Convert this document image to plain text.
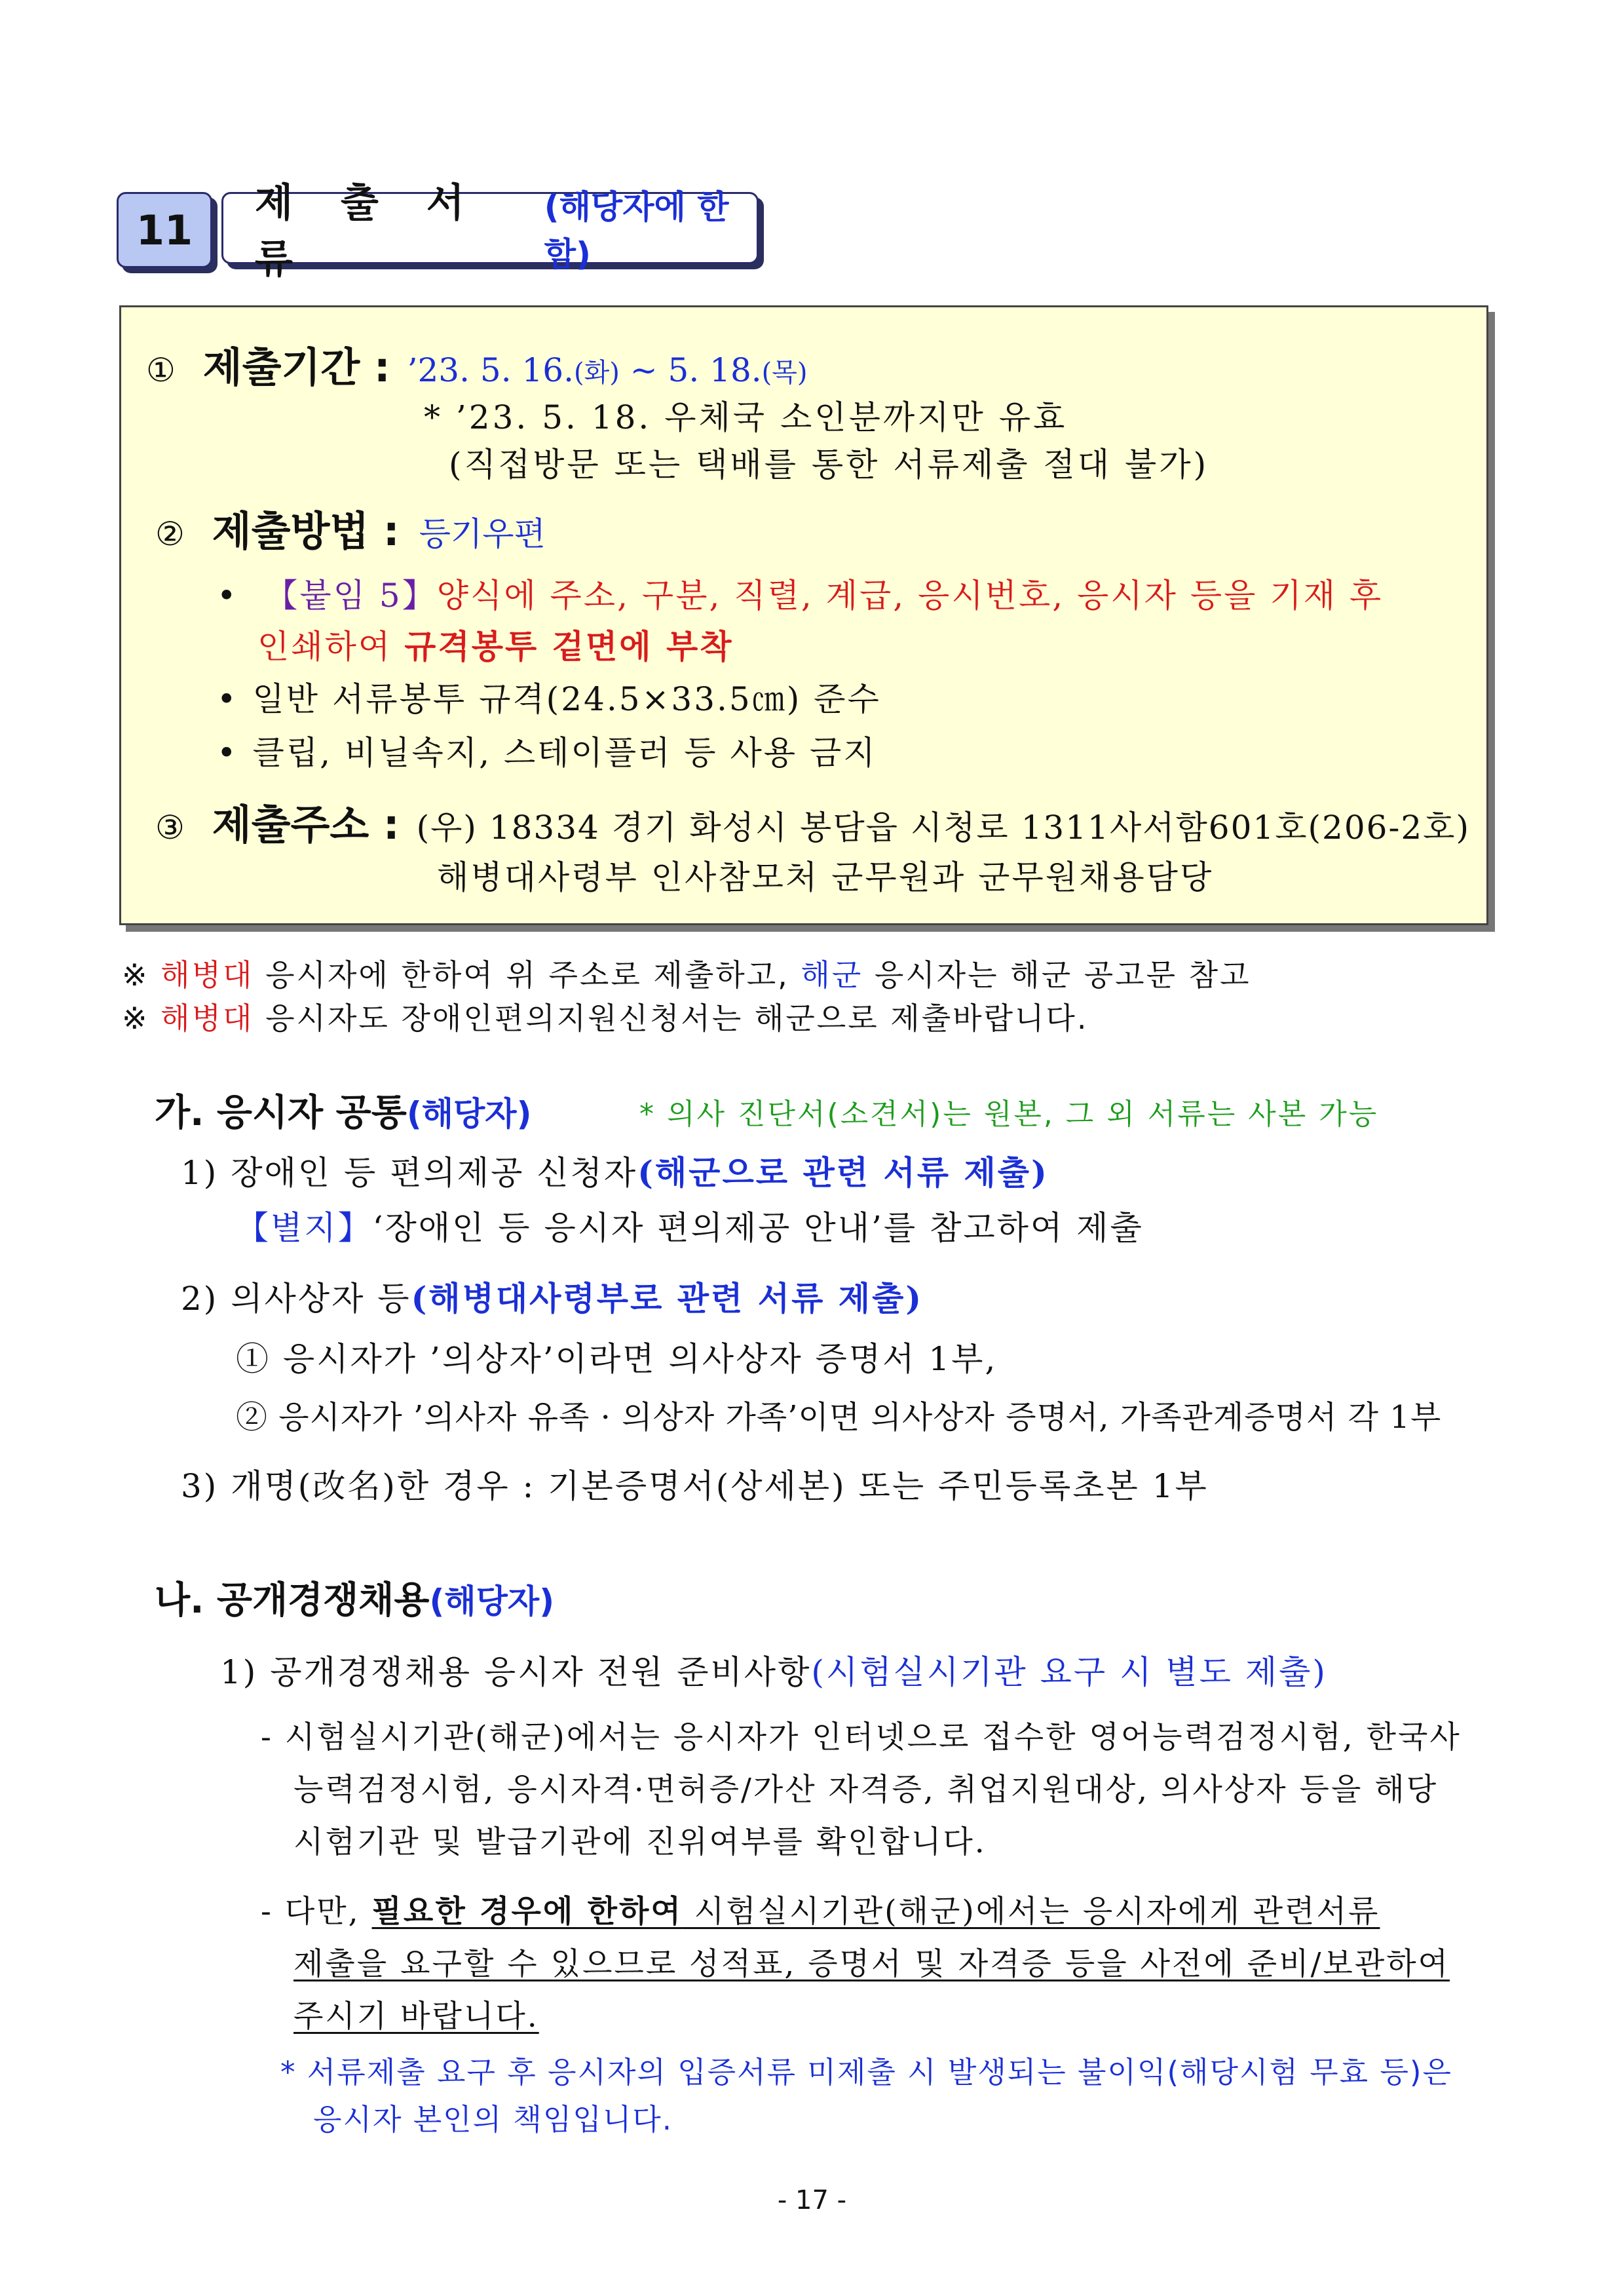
11
제 출 서 류
(해당자에 한함)
① 제출기간 : ’23. 5. 16.(화) ~ 5. 18.(목)
* ’23. 5. 18. 우체국 소인분까지만 유효
(직접방문 또는 택배를 통한 서류제출 절대 불가)
② 제출방법 : 등기우편
• 【붙임 5】양식에 주소, 구분, 직렬, 계급, 응시번호, 응시자 등을 기재 후
인쇄하여 규격봉투 겉면에 부착
• 일반 서류봉투 규격(24.5×33.5㎝) 준수
• 클립, 비닐속지, 스테이플러 등 사용 금지
③ 제출주소 : (우) 18334 경기 화성시 봉담읍 시청로 1311사서함601호(206-2호)
해병대사령부 인사참모처 군무원과 군무원채용담당
※ 해병대 응시자에 한하여 위 주소로 제출하고, 해군 응시자는 해군 공고문 참고
※ 해병대 응시자도 장애인편의지원신청서는 해군으로 제출바랍니다.
가. 응시자 공통(해당자)	* 의사 진단서(소견서)는 원본, 그 외 서류는 사본 가능
1) 장애인 등 편의제공 신청자(해군으로 관련 서류 제출)
【별지】‘장애인 등 응시자 편의제공 안내’를 참고하여 제출
2) 의사상자 등(해병대사령부로 관련 서류 제출)
① 응시자가 ’의상자’이라면 의사상자 증명서 1부,
② 응시자가 ’의사자 유족 · 의상자 가족’이면 의사상자 증명서, 가족관계증명서 각 1부
3) 개명(改名)한 경우 : 기본증명서(상세본) 또는 주민등록초본 1부
나. 공개경쟁채용(해당자)
1) 공개경쟁채용 응시자 전원 준비사항(시험실시기관 요구 시 별도 제출)
- 시험실시기관(해군)에서는 응시자가 인터넷으로 접수한 영어능력검정시험, 한국사
능력검정시험, 응시자격·면허증/가산 자격증, 취업지원대상, 의사상자 등을 해당
시험기관 및 발급기관에 진위여부를 확인합니다.
- 다만, 필요한 경우에 한하여 시험실시기관(해군)에서는 응시자에게 관련서류
제출을 요구할 수 있으므로 성적표, 증명서 및 자격증 등을 사전에 준비/보관하여
주시기 바랍니다.
* 서류제출 요구 후 응시자의 입증서류 미제출 시 발생되는 불이익(해당시험 무효 등)은
응시자 본인의 책임입니다.
- 17 -
